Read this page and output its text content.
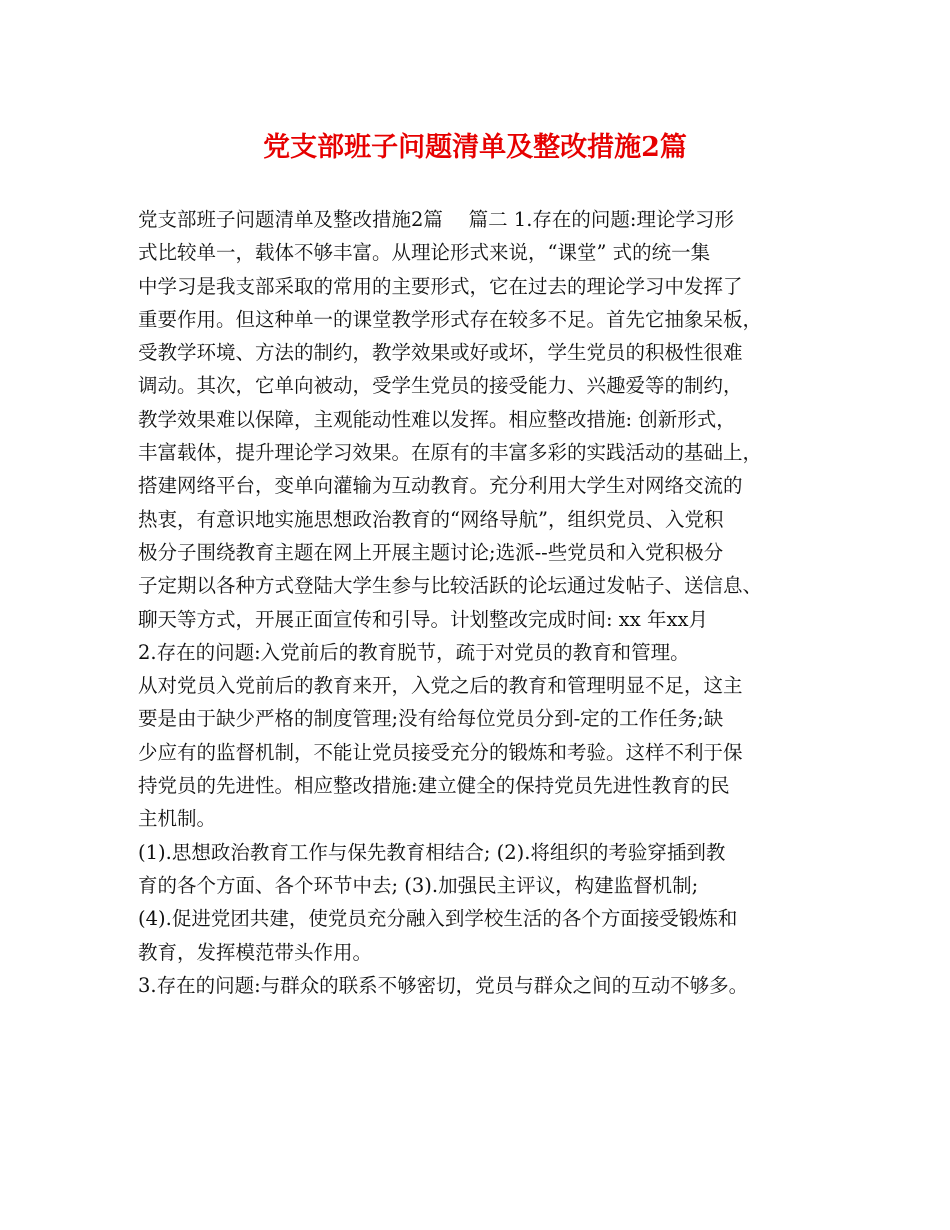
党支部班子问题清单及整改措施2篇
党支部班子问题清单及整改措施2篇　 篇二 1.存在的问题:理论学习形
式比较单一，载体不够丰富。从理论形式来说，“课堂” 式的统一集
中学习是我支部采取的常用的主要形式，它在过去的理论学习中发挥了
重要作用。但这种单一的课堂教学形式存在较多不足。首先它抽象呆板，
受教学环境、方法的制约，教学效果或好或坏，学生党员的积极性很难
调动。其次，它单向被动，受学生党员的接受能力、兴趣爱等的制约，
教学效果难以保障，主观能动性难以发挥。相应整改措施: 创新形式，
丰富载体，提升理论学习效果。在原有的丰富多彩的实践活动的基础上，
搭建网络平台，变单向灌输为互动教育。充分利用大学生对网络交流的
热衷，有意识地实施思想政治教育的“网络导航”，组织党员、入党积
极分子围绕教育主题在网上开展主题讨论;选派--些党员和入党积极分
子定期以各种方式登陆大学生参与比较活跃的论坛通过发帖子、送信息、
聊天等方式，开展正面宣传和引导。计划整改完成时间: xx 年xx月
2.存在的问题:入党前后的教育脱节，疏于对党员的教育和管理。
从对党员入党前后的教育来开，入党之后的教育和管理明显不足，这主
要是由于缺少严格的制度管理;没有给每位党员分到-定的工作任务;缺
少应有的监督机制，不能让党员接受充分的锻炼和考验。这样不利于保
持党员的先进性。相应整改措施:建立健全的保持党员先进性教育的民
主机制。
(1).思想政治教育工作与保先教育相结合; (2).将组织的考验穿插到教
育的各个方面、各个环节中去; (3).加强民主评议，构建监督机制;
(4).促进党团共建，使党员充分融入到学校生活的各个方面接受锻炼和
教育，发挥模范带头作用。
3.存在的问题:与群众的联系不够密切，党员与群众之间的互动不够多。
